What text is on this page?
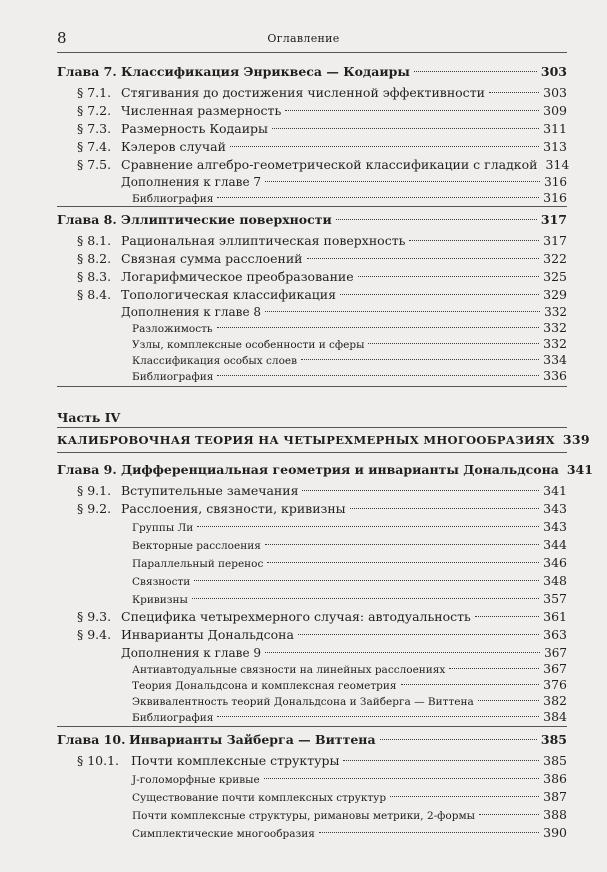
8	Оглавление
Глава 7. Классификация Энриквеса — Кодаиры	303
§ 7.1. Стягивания до достижения численной эффективности	303
§ 7.2. Численная размерность	309
§ 7.3. Размерность Кодаиры	311
§ 7.4. Кэлеров случай	313
§ 7.5. Сравнение алгебро-геометрической классификации с гладкой 314
Дополнения к главе 7	316
Библиография	316
Глава 8. Эллиптические поверхности	317
§ 8.1. Рациональная эллиптическая поверхность	317
§ 8.2. Связная сумма расслоений	322
§ 8.3. Логарифмическое преобразование	325
§ 8.4. Топологическая классификация	329
Дополнения к главе 8	332
Разложимость	332
Узлы, комплексные особенности и сферы	332
Классификация особых слоев	334
Библиография	336
Часть IV
КАЛИБРОВОЧНАЯ ТЕОРИЯ НА ЧЕТЫРЕХМЕРНЫХ МНОГООБРАЗИЯХ 339
Глава 9. Дифференциальная геометрия и инварианты Дональдсона 341
§ 9.1. Вступительные замечания	341
§ 9.2. Расслоения, связности, кривизны	343
Группы Ли	343
Векторные расслоения	344
Параллельный перенос	346
Связности	348
Кривизны	357
§ 9.3. Специфика четырехмерного случая: автодуальность	361
§ 9.4. Инварианты Дональдсона	363
Дополнения к главе 9	367
Антиавтодуальные связности на линейных расслоениях	367
Теория Дональдсона и комплексная геометрия	376
Эквивалентность теорий Дональдсона и Зайберга — Виттена	382
Библиография	384
Глава 10. Инварианты Зайберга — Виттена	385
§ 10.1. Почти комплексные структуры	385
J-голоморфные кривые	386
Существование почти комплексных структур	387
Почти комплексные структуры, римановы метрики, 2-формы	388
Симплектические многообразия	390
